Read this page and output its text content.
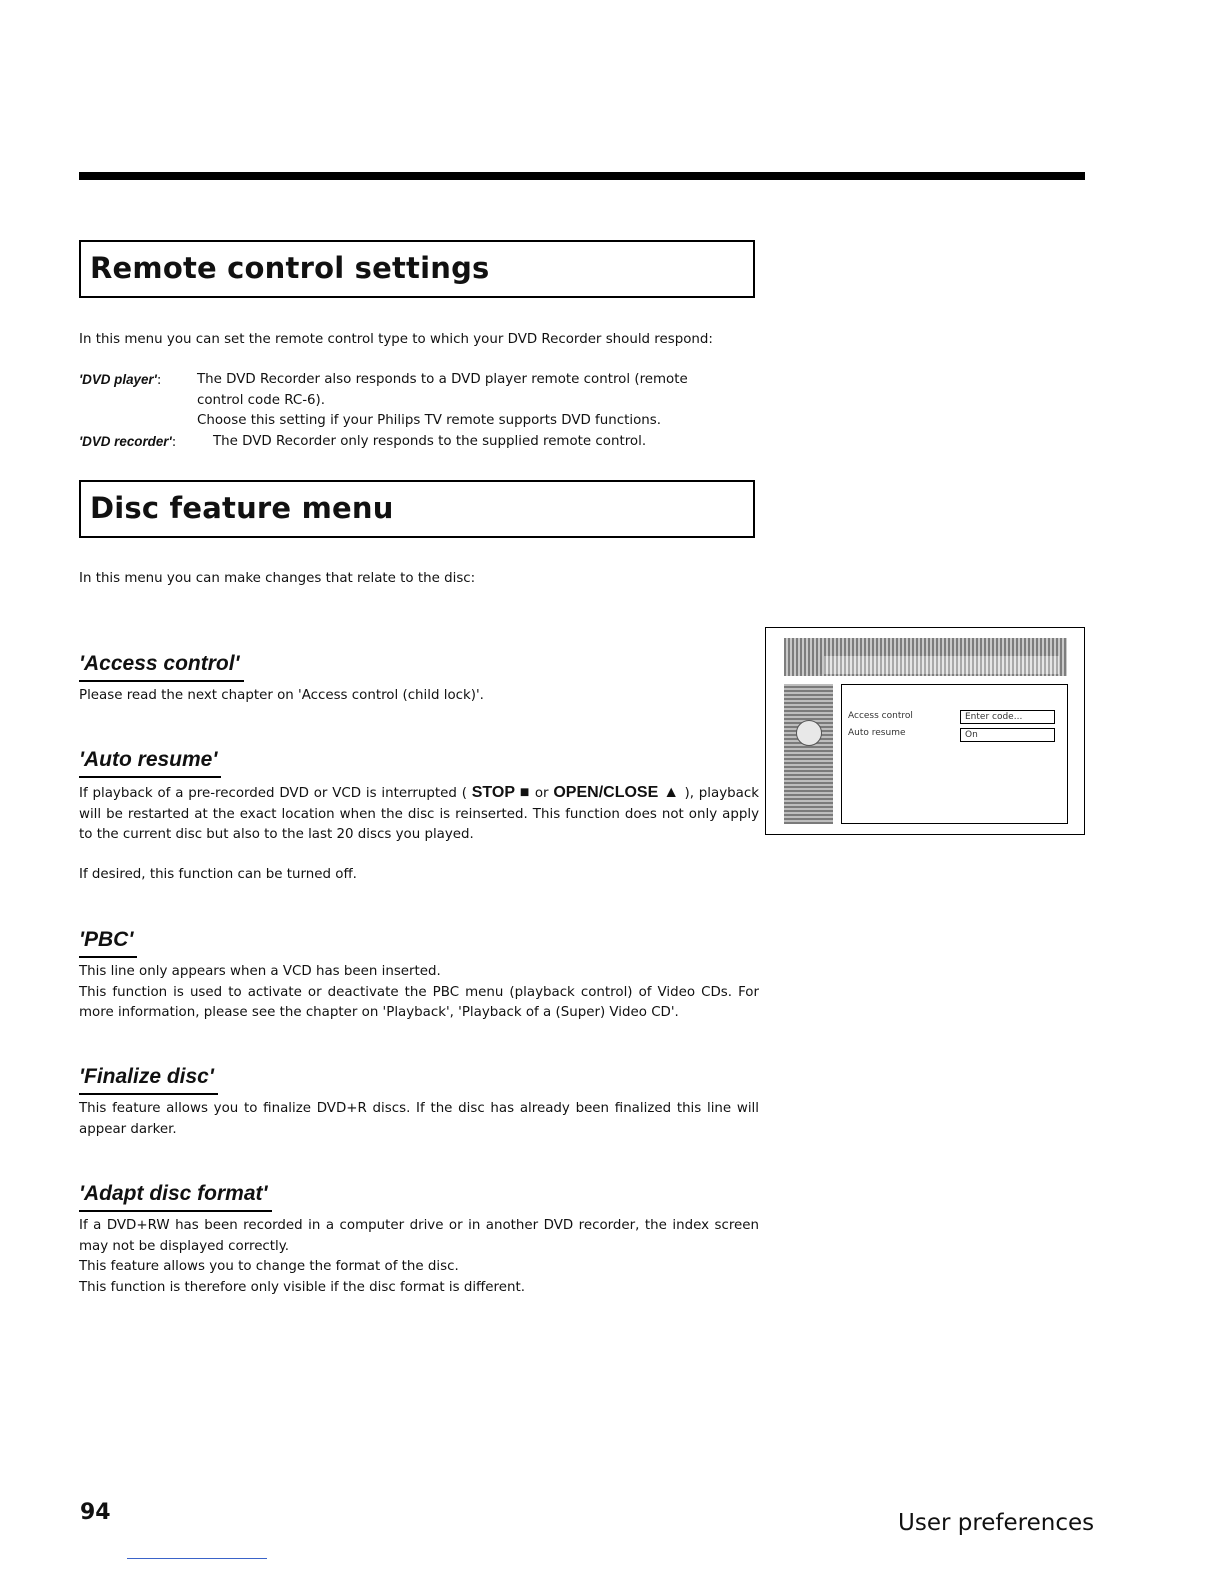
Remote control settings

In this menu you can set the remote control type to which your DVD Recorder should respond:

'DVD player':	The DVD Recorder also responds to a DVD player remote control (remote
control code RC-6).
Choose this setting if your Philips TV remote supports DVD functions.
'DVD recorder':	The DVD Recorder only responds to the supplied remote control.
Disc feature menu

In this menu you can make changes that relate to the disc:

'Access control'

Please read the next chapter on 'Access control (child lock)'.

'Auto resume'

If playback of a pre-recorded DVD or VCD is interrupted ( STOP ■ or OPEN/CLOSE ▲ ), playback will be restarted at the exact location when the disc is reinserted. This function does not only apply to the current disc but also to the last 20 discs you played.

If desired, this function can be turned off.

'PBC'
This line only appears when a VCD has been inserted.
This function is used to activate or deactivate the PBC menu (playback control) of Video CDs. For more information, please see the chapter on 'Playback', 'Playback of a (Super) Video CD'.
'Finalize disc'

This feature allows you to finalize DVD+R discs. If the disc has already been finalized this line will appear darker.

'Adapt disc format'
If a DVD+RW has been recorded in a computer drive or in another DVD recorder, the index screen may not be displayed correctly.
This feature allows you to change the format of the disc.
This function is therefore only visible if the disc format is different.
Access control	Enter code...
Auto resume	On
94	User preferences
